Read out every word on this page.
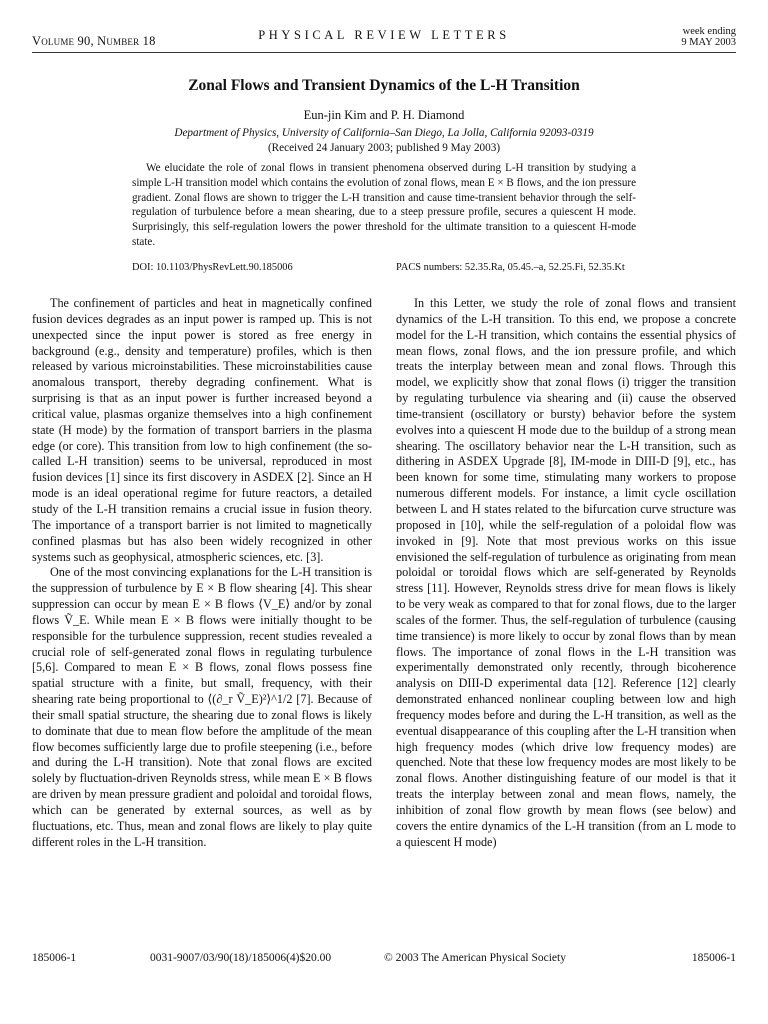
Volume 90, Number 18	PHYSICAL REVIEW LETTERS	week ending
9 MAY 2003
Zonal Flows and Transient Dynamics of the L-H Transition
Eun-jin Kim and P. H. Diamond
Department of Physics, University of California–San Diego, La Jolla, California 92093-0319
(Received 24 January 2003; published 9 May 2003)
We elucidate the role of zonal flows in transient phenomena observed during L-H transition by studying a simple L-H transition model which contains the evolution of zonal flows, mean E × B flows, and the ion pressure gradient. Zonal flows are shown to trigger the L-H transition and cause time-transient behavior through the self-regulation of turbulence before a mean shearing, due to a steep pressure profile, secures a quiescent H mode. Surprisingly, this self-regulation lowers the power threshold for the ultimate transition to a quiescent H-mode state.
DOI: 10.1103/PhysRevLett.90.185006	PACS numbers: 52.35.Ra, 05.45.–a, 52.25.Fi, 52.35.Kt

The confinement of particles and heat in magnetically confined fusion devices degrades as an input power is ramped up. This is not unexpected since the input power is stored as free energy in background (e.g., density and temperature) profiles, which is then released by various microinstabilities. These microinstabilities cause anomalous transport, thereby degrading confinement. What is surprising is that as an input power is further increased beyond a critical value, plasmas organize themselves into a high confinement state (H mode) by the formation of transport barriers in the plasma edge (or core). This transition from low to high confinement (the so-called L-H transition) seems to be universal, reproduced in most fusion devices [1] since its first discovery in ASDEX [2]. Since an H mode is an ideal operational regime for future reactors, a detailed study of the L-H transition remains a crucial issue in fusion theory. The importance of a transport barrier is not limited to magnetically confined plasmas but has also been widely recognized in other systems such as geophysical, atmospheric sciences, etc. [3].

One of the most convincing explanations for the L-H transition is the suppression of turbulence by E × B flow shearing [4]. This shear suppression can occur by mean E × B flows ⟨V_E⟩ and/or by zonal flows Ṽ_E. While mean E × B flows were initially thought to be responsible for the turbulence suppression, recent studies revealed a crucial role of self-generated zonal flows in regulating turbulence [5,6]. Compared to mean E × B flows, zonal flows possess fine spatial structure with a finite, but small, frequency, with their shearing rate being proportional to ⟨(∂_r Ṽ_E)²⟩^1/2 [7]. Because of their small spatial structure, the shearing due to zonal flows is likely to dominate that due to mean flow before the amplitude of the mean flow becomes sufficiently large due to profile steepening (i.e., before and during the L-H transition). Note that zonal flows are excited solely by fluctuation-driven Reynolds stress, while mean E × B flows are driven by mean pressure gradient and poloidal and toroidal flows, which can be generated by external sources, as well as by fluctuations, etc. Thus, mean and zonal flows are likely to play quite different roles in the L-H transition.

In this Letter, we study the role of zonal flows and transient dynamics of the L-H transition. To this end, we propose a concrete model for the L-H transition, which contains the essential physics of mean flows, zonal flows, and the ion pressure profile, and which treats the interplay between mean and zonal flows. Through this model, we explicitly show that zonal flows (i) trigger the transition by regulating turbulence via shearing and (ii) cause the observed time-transient (oscillatory or bursty) behavior before the system evolves into a quiescent H mode due to the buildup of a strong mean shearing. The oscillatory behavior near the L-H transition, such as dithering in ASDEX Upgrade [8], IM-mode in DIII-D [9], etc., has been known for some time, stimulating many workers to propose numerous different models. For instance, a limit cycle oscillation between L and H states related to the bifurcation curve structure was proposed in [10], while the self-regulation of a poloidal flow was invoked in [9]. Note that most previous works on this issue envisioned the self-regulation of turbulence as originating from mean poloidal or toroidal flows which are self-generated by Reynolds stress [11]. However, Reynolds stress drive for mean flows is likely to be very weak as compared to that for zonal flows, due to the larger scales of the former. Thus, the self-regulation of turbulence (causing time transience) is more likely to occur by zonal flows than by mean flows. The importance of zonal flows in the L-H transition was experimentally demonstrated only recently, through bicoherence analysis on DIII-D experimental data [12]. Reference [12] clearly demonstrated enhanced nonlinear coupling between low and high frequency modes before and during the L-H transition, as well as the eventual disappearance of this coupling after the L-H transition when high frequency modes (which drive low frequency modes) are quenched. Note that these low frequency modes are most likely to be zonal flows. Another distinguishing feature of our model is that it treats the interplay between zonal and mean flows, namely, the inhibition of zonal flow growth by mean flows (see below) and covers the entire dynamics of the L-H transition (from an L mode to a quiescent H mode)

185006-1	0031-9007/03/90(18)/185006(4)$20.00	© 2003 The American Physical Society	185006-1
